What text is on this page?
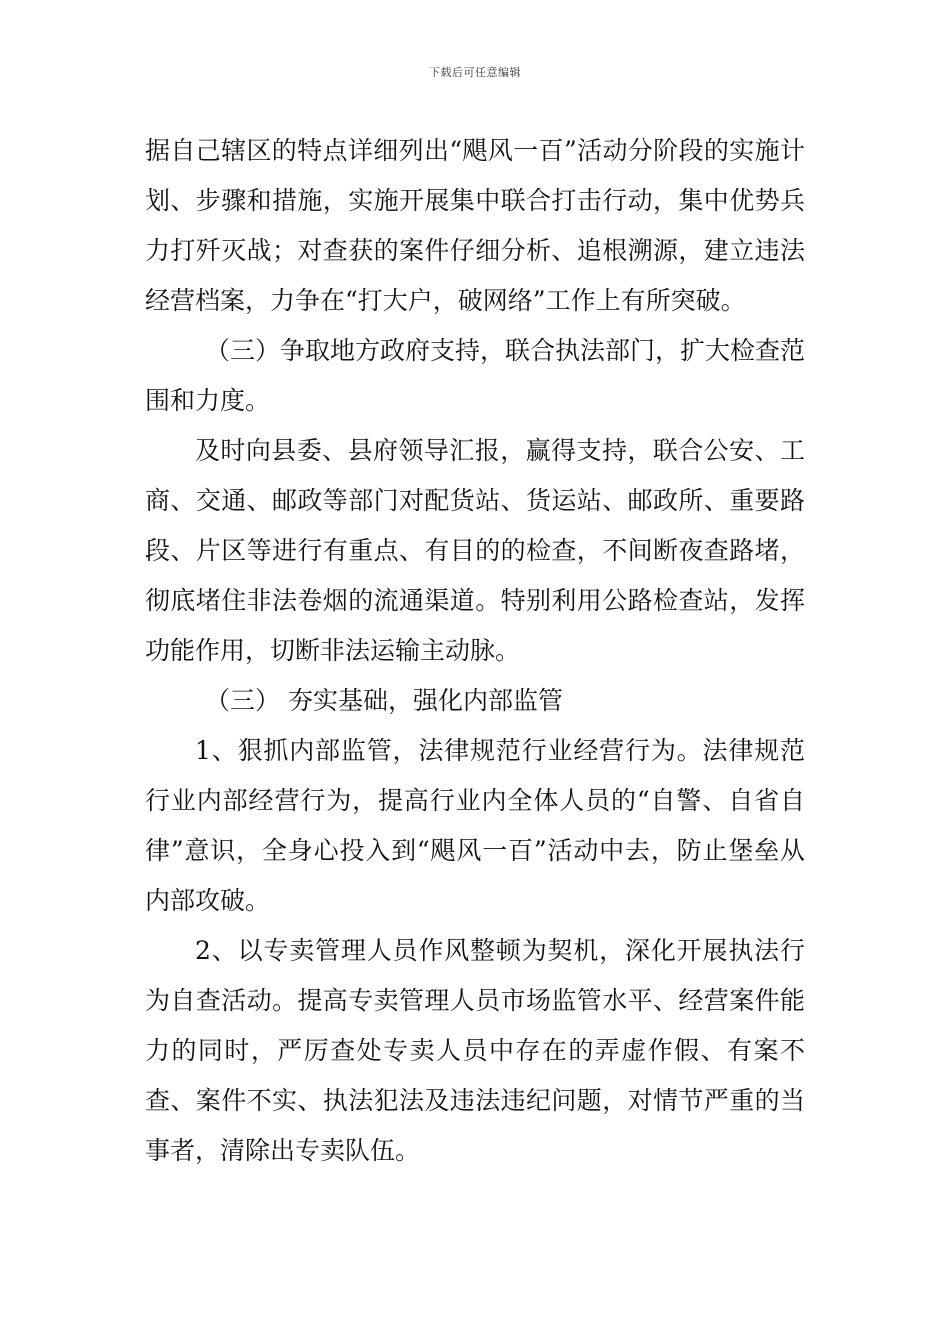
下载后可任意编辑

据自己辖区的特点详细列出“飓风一百”活动分阶段的实施计划、步骤和措施，实施开展集中联合打击行动，集中优势兵力打歼灭战；对查获的案件仔细分析、追根溯源，建立违法经营档案，力争在“打大户，破网络”工作上有所突破。

（三）争取地方政府支持，联合执法部门，扩大检查范围和力度。

及时向县委、县府领导汇报，赢得支持，联合公安、工商、交通、邮政等部门对配货站、货运站、邮政所、重要路段、片区等进行有重点、有目的的检查，不间断夜查路堵，彻底堵住非法卷烟的流通渠道。特别利用公路检查站，发挥功能作用，切断非法运输主动脉。

（三） 夯实基础，强化内部监管

1、狠抓内部监管，法律规范行业经营行为。法律规范行业内部经营行为，提高行业内全体人员的“自警、自省自律”意识，全身心投入到“飓风一百”活动中去，防止堡垒从内部攻破。

2、以专卖管理人员作风整顿为契机，深化开展执法行为自查活动。提高专卖管理人员市场监管水平、经营案件能力的同时，严厉查处专卖人员中存在的弄虚作假、有案不查、案件不实、执法犯法及违法违纪问题，对情节严重的当事者，清除出专卖队伍。
